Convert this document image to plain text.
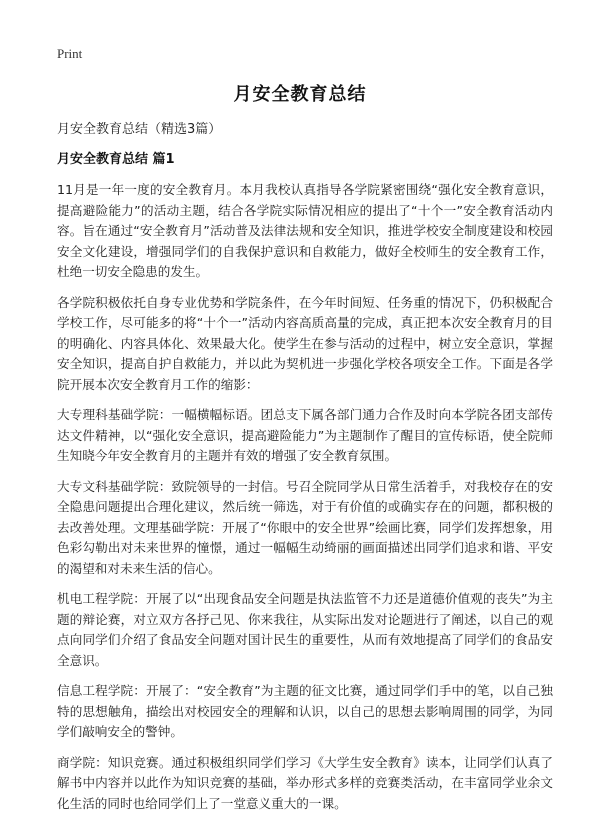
Print
月安全教育总结

月安全教育总结（精选3篇）

月安全教育总结 篇1

11月是一年一度的安全教育月。本月我校认真指导各学院紧密围绕“强化安全教育意识，提高避险能力”的活动主题，结合各学院实际情况相应的提出了“十个一”安全教育活动内容。旨在通过“安全教育月”活动普及法律法规和安全知识，推进学校安全制度建设和校园安全文化建设，增强同学们的自我保护意识和自救能力，做好全校师生的安全教育工作，杜绝一切安全隐患的发生。

各学院积极依托自身专业优势和学院条件，在今年时间短、任务重的情况下，仍积极配合学校工作，尽可能多的将“十个一”活动内容高质高量的完成，真正把本次安全教育月的目的明确化、内容具体化、效果最大化。使学生在参与活动的过程中，树立安全意识，掌握安全知识，提高自护自救能力，并以此为契机进一步强化学校各项安全工作。下面是各学院开展本次安全教育月工作的缩影：

大专理科基础学院：一幅横幅标语。团总支下属各部门通力合作及时向本学院各团支部传达文件精神，以“强化安全意识，提高避险能力”为主题制作了醒目的宣传标语，使全院师生知晓今年安全教育月的主题并有效的增强了安全教育氛围。

大专文科基础学院：致院领导的一封信。号召全院同学从日常生活着手，对我校存在的安全隐患问题提出合理化建议，然后统一筛选，对于有价值的或确实存在的问题，都积极的去改善处理。文理基础学院：开展了“你眼中的安全世界”绘画比赛，同学们发挥想象，用色彩勾勒出对未来世界的憧憬，通过一幅幅生动绮丽的画面描述出同学们追求和谐、平安的渴望和对未来生活的信心。

机电工程学院：开展了以“出现食品安全问题是执法监管不力还是道德价值观的丧失”为主题的辩论赛，对立双方各抒己见、你来我往，从实际出发对论题进行了阐述，以自己的观点向同学们介绍了食品安全问题对国计民生的重要性，从而有效地提高了同学们的食品安全意识。

信息工程学院：开展了：“安全教育”为主题的征文比赛，通过同学们手中的笔，以自己独特的思想触角，描绘出对校园安全的理解和认识，以自己的思想去影响周围的同学，为同学们敲响安全的警钟。

商学院：知识竞赛。通过积极组织同学们学习《大学生安全教育》读本，让同学们认真了解书中内容并以此作为知识竞赛的基础，举办形式多样的竞赛类活动，在丰富同学业余文化生活的同时也给同学们上了一堂意义重大的一课。
